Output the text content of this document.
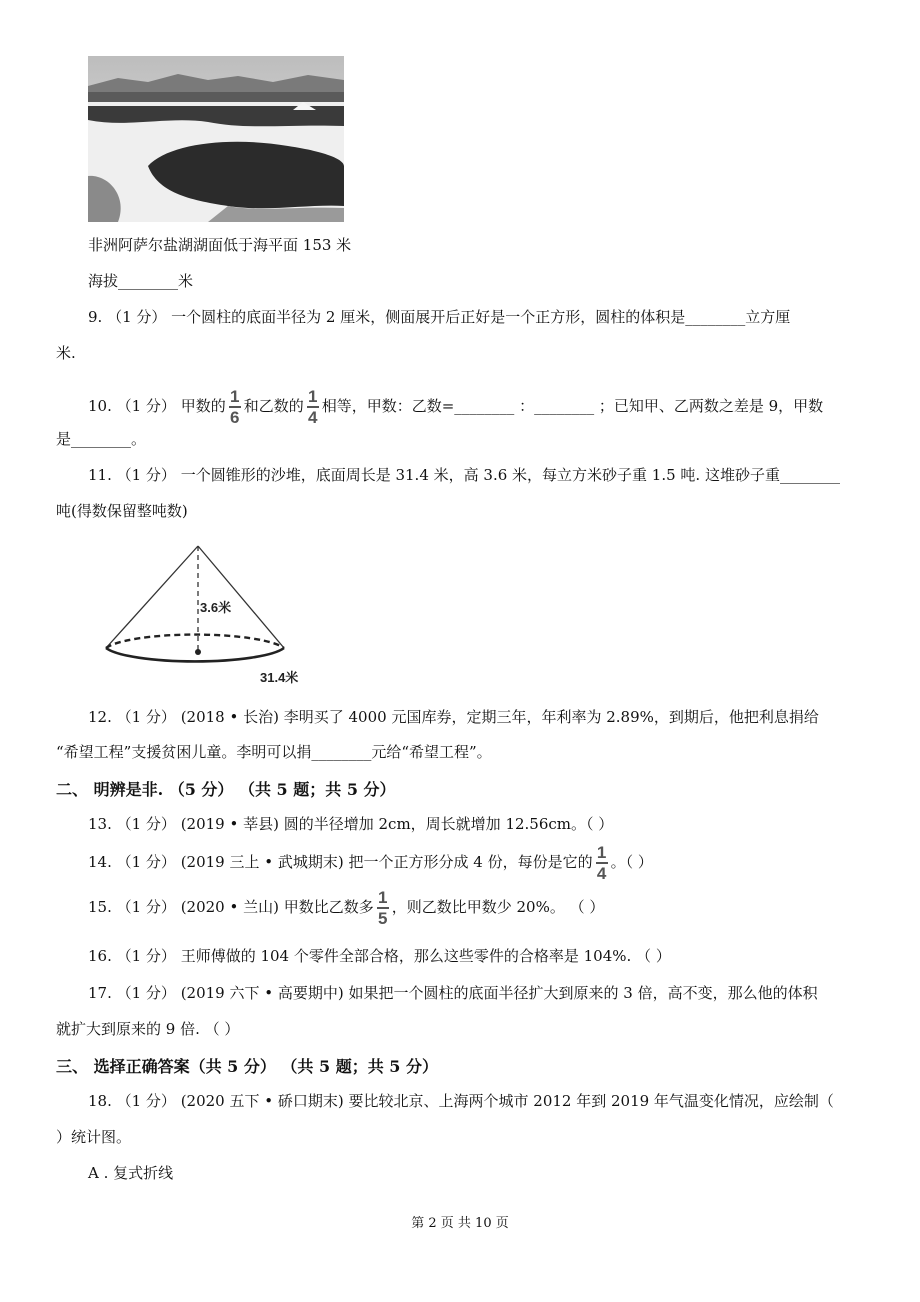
非洲阿萨尔盐湖湖面低于海平面 153 米
海拔________米
9. （1 分） 一个圆柱的底面半径为 2 厘米，侧面展开后正好是一个正方形，圆柱的体积是________立方厘
米.
10. （1 分） 甲数的 $\frac{1}{6}$ 和乙数的 $\frac{1}{4}$ 相等，甲数：乙数=________ ：________ ；已知甲、乙两数之差是 9，甲数
是________。
11. （1 分） 一个圆锥形的沙堆，底面周长是 31.4 米，高 3.6 米，每立方米砂子重 1.5 吨. 这堆砂子重________
吨(得数保留整吨数)
3.6米
31.4米
12. （1 分） (2018 • 长治) 李明买了 4000 元国库券，定期三年，年利率为 2.89%，到期后，他把利息捐给
“希望工程”支援贫困儿童。李明可以捐________元给“希望工程”。
二、 明辨是非. （5 分） （共 5 题；共 5 分）
13. （1 分） (2019 • 莘县) 圆的半径增加 2cm，周长就增加 12.56cm。（ ）
14. （1 分） (2019 三上 • 武城期末) 把一个正方形分成 4 份，每份是它的 $\frac{1}{4}$ 。（ ）
15. （1 分） (2020 • 兰山) 甲数比乙数多 $\frac{1}{5}$ ，则乙数比甲数少 20%。 （ ）
16. （1 分） 王师傅做的 104 个零件全部合格，那么这些零件的合格率是 104%. （ ）
17. （1 分） (2019 六下 • 高要期中) 如果把一个圆柱的底面半径扩大到原来的 3 倍，高不变，那么他的体积
就扩大到原来的 9 倍. （ ）
三、 选择正确答案（共 5 分） （共 5 题；共 5 分）
18. （1 分） (2020 五下 • 硚口期末) 要比较北京、上海两个城市 2012 年到 2019 年气温变化情况，应绘制（
）统计图。
A . 复式折线
第 2 页 共 10 页
